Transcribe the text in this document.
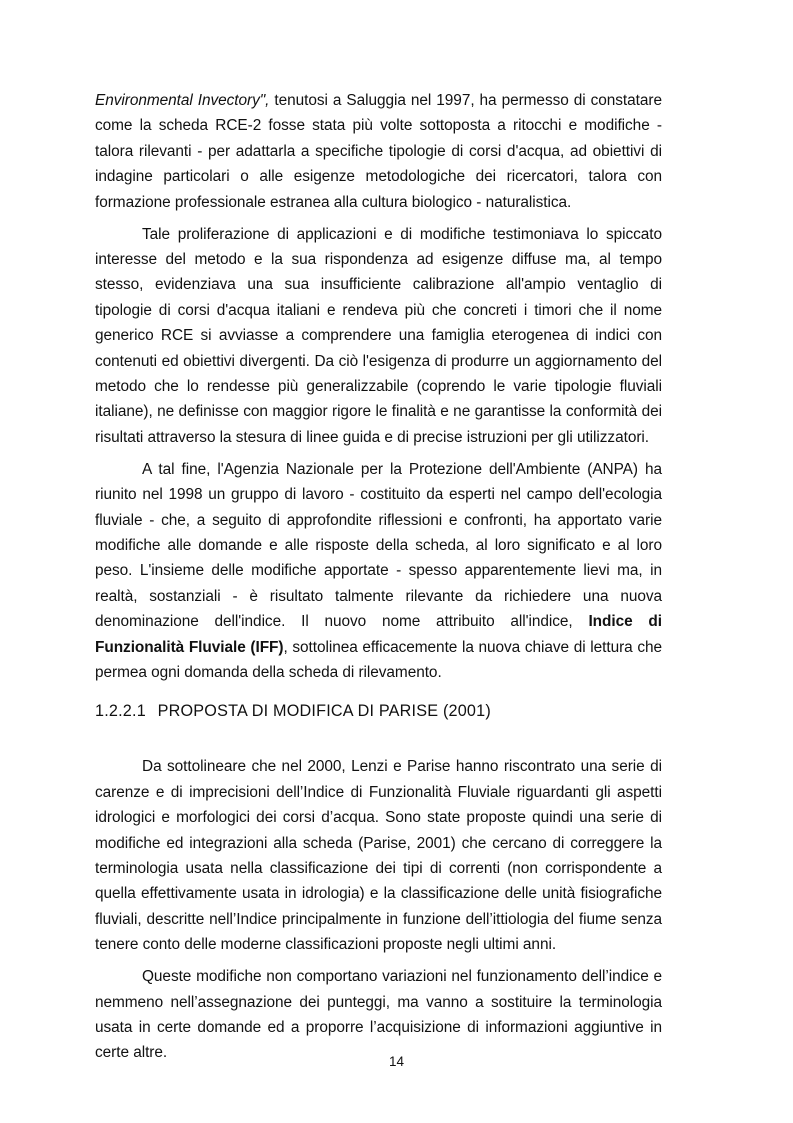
Environmental Invectory", tenutosi a Saluggia nel 1997, ha permesso di constatare come la scheda RCE-2 fosse stata più volte sottoposta a ritocchi e modifiche - talora rilevanti - per adattarla a specifiche tipologie di corsi d'acqua, ad obiettivi di indagine particolari o alle esigenze metodologiche dei ricercatori, talora con formazione professionale estranea alla cultura biologico - naturalistica.

Tale proliferazione di applicazioni e di modifiche testimoniava lo spiccato interesse del metodo e la sua rispondenza ad esigenze diffuse ma, al tempo stesso, evidenziava una sua insufficiente calibrazione all'ampio ventaglio di tipologie di corsi d'acqua italiani e rendeva più che concreti i timori che il nome generico RCE si avviasse a comprendere una famiglia eterogenea di indici con contenuti ed obiettivi divergenti. Da ciò l'esigenza di produrre un aggiornamento del metodo che lo rendesse più generalizzabile (coprendo le varie tipologie fluviali italiane), ne definisse con maggior rigore le finalità e ne garantisse la conformità dei risultati attraverso la stesura di linee guida e di precise istruzioni per gli utilizzatori.

A tal fine, l'Agenzia Nazionale per la Protezione dell'Ambiente (ANPA) ha riunito nel 1998 un gruppo di lavoro - costituito da esperti nel campo dell'ecologia fluviale - che, a seguito di approfondite riflessioni e confronti, ha apportato varie modifiche alle domande e alle risposte della scheda, al loro significato e al loro peso. L'insieme delle modifiche apportate - spesso apparentemente lievi ma, in realtà, sostanziali - è risultato talmente rilevante da richiedere una nuova denominazione dell'indice. Il nuovo nome attribuito all'indice, Indice di Funzionalità Fluviale (IFF), sottolinea efficacemente la nuova chiave di lettura che permea ogni domanda della scheda di rilevamento.

1.2.2.1 PROPOSTA DI MODIFICA DI PARISE (2001)

Da sottolineare che nel 2000, Lenzi e Parise hanno riscontrato una serie di carenze e di imprecisioni dell’Indice di Funzionalità Fluviale riguardanti gli aspetti idrologici e morfologici dei corsi d’acqua. Sono state proposte quindi una serie di modifiche ed integrazioni alla scheda (Parise, 2001) che cercano di correggere la terminologia usata nella classificazione dei tipi di correnti (non corrispondente a quella effettivamente usata in idrologia) e la classificazione delle unità fisiografiche fluviali, descritte nell’Indice principalmente in funzione dell’ittiologia del fiume senza tenere conto delle moderne classificazioni proposte negli ultimi anni.

Queste modifiche non comportano variazioni nel funzionamento dell’indice e nemmeno nell’assegnazione dei punteggi, ma vanno a sostituire la terminologia usata in certe domande ed a proporre l’acquisizione di informazioni aggiuntive in certe altre.

14
